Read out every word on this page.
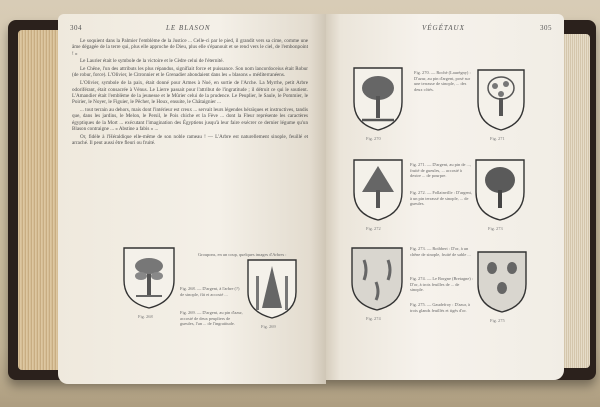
304	LE BLASON

Le soquient dans la Palmier l'emblème de la Justice ... Celle-ci par le pied, il grandit vers sa cime, comme une âme dégagée de la terre qui, plus elle approche de Dieu, plus elle s'épanouit et se rend vers le ciel, de l'embonpoint ! »

Le Laurier était le symbole de la victoire et le Cèdre celui de l'éternité.

Le Chêne, l'un des attributs les plus répandus, signifiait force et puissance. Son nom lancordoceius était Robur (de robur, force). L'Olivier, le Citronnier et le Grenadier abondaient dans les « blasons » méditerranéens.

L'Olivier, symbole de la paix, était donné pour Armes à Noé, en sortie de l'Arche. La Myrrhe, petit Arbre odoriférant, était consacrée à Vénus. Le Lierre passait pour l'attribut de l'ingratitude ; il détruit ce qui le soutient. L'Amandier était l'emblème de la jeunesse et le Mûrier celui de la prudence. Le Peuplier, le Saule, le Pommier, le Poirier, le Noyer, le Figuier, le Pêcher, le Houx, ensuite, le Châtaignier ...

... tout terrain au dehors, mais dont l'intérieur est creux ... servait leurs légendes héraïques et instructives, tandis que, dans les jardins, le Melon, le Persil, le Pois chiche et la Fève ... dont la Fleur représente les caractères égyptiques de la Mort ... exécutant l'imagination des Égyptiens jusqu'à leur faire exécrer ce dernier légume qu'un Blason contraigne ... « Abstine a fabis » ...

Or, fidèle à l'Héraldique elle-même de son noble rameau ! — L'Arbre est naturellement sinople, feuillé et arraché. Il peut aussi être fleuri ou fruité.

Groupons, en un coup, quelques images d'Arbres :
Fig. 268
Fig. 269
Fig. 268. — D'argent, à l'arbre (?) de sinople, fût et accosté ...
Fig. 269. — D'argent, au pin d'azur, accosté de deux peupliers de gueules, l'un ... de l'ingratitude.
VÉGÉTAUX	305
Fig. 270
Fig. 270. — Rochè (Laurègny) : D'azur, au pin d'argent, posé sur une terrasse de sinople, ... des deux côtés.
Fig. 271
Fig. 272
Fig. 271. — D'argent, au pin de ..., fruité de gueules, ... accosté à dextre ... de pourpre.
Fig. 272. — Follainville : D'argent, à un pin terrassé de sinople, ... de gueules.
Fig. 273
Fig. 274
Fig. 273. — Rothbert : D'or, à un chêne de sinople, fruité de sable ...
Fig. 274. — Le Borgne (Bretagne) : D'or, à trois feuilles de ... de sinople.
Fig. 275. — Gaudefroy : D'azur, à trois glands feuillés et tigés d'or.
Fig. 275
